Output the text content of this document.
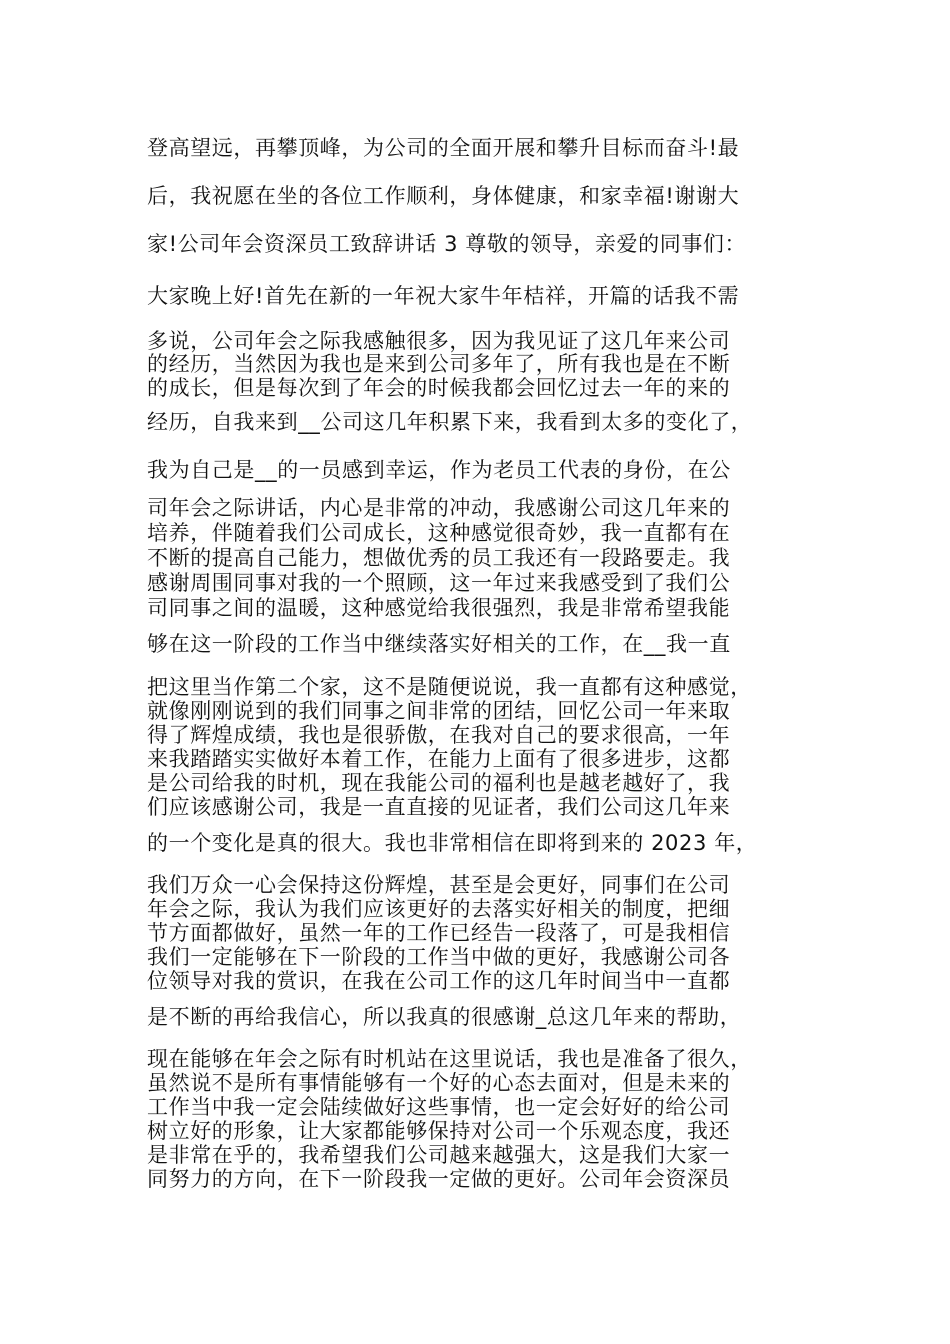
登高望远，再攀顶峰，为公司的全面开展和攀升目标而奋斗!最
后，我祝愿在坐的各位工作顺利，身体健康，和家幸福!谢谢大
家!公司年会资深员工致辞讲话 3 尊敬的领导，亲爱的同事们：
大家晚上好!首先在新的一年祝大家牛年桔祥，开篇的话我不需
多说，公司年会之际我感触很多，因为我见证了这几年来公司
的经历，当然因为我也是来到公司多年了，所有我也是在不断
的成长，但是每次到了年会的时候我都会回忆过去一年的来的
经历，自我来到__公司这几年积累下来，我看到太多的变化了，
我为自己是__的一员感到幸运，作为老员工代表的身份，在公
司年会之际讲话，内心是非常的冲动，我感谢公司这几年来的
培养，伴随着我们公司成长，这种感觉很奇妙，我一直都有在
不断的提高自己能力，想做优秀的员工我还有一段路要走。我
感谢周围同事对我的一个照顾，这一年过来我感受到了我们公
司同事之间的温暖，这种感觉给我很强烈，我是非常希望我能
够在这一阶段的工作当中继续落实好相关的工作，在__我一直
把这里当作第二个家，这不是随便说说，我一直都有这种感觉，
就像刚刚说到的我们同事之间非常的团结，回忆公司一年来取
得了辉煌成绩，我也是很骄傲，在我对自己的要求很高，一年
来我踏踏实实做好本着工作，在能力上面有了很多进步，这都
是公司给我的时机，现在我能公司的福利也是越老越好了，我
们应该感谢公司，我是一直直接的见证者，我们公司这几年来
的一个变化是真的很大。我也非常相信在即将到来的 2023 年，
我们万众一心会保持这份辉煌，甚至是会更好，同事们在公司
年会之际，我认为我们应该更好的去落实好相关的制度，把细
节方面都做好，虽然一年的工作已经告一段落了，可是我相信
我们一定能够在下一阶段的工作当中做的更好，我感谢公司各
位领导对我的赏识，在我在公司工作的这几年时间当中一直都
是不断的再给我信心，所以我真的很感谢_总这几年来的帮助，
现在能够在年会之际有时机站在这里说话，我也是准备了很久，
虽然说不是所有事情能够有一个好的心态去面对，但是未来的
工作当中我一定会陆续做好这些事情，也一定会好好的给公司
树立好的形象，让大家都能够保持对公司一个乐观态度，我还
是非常在乎的，我希望我们公司越来越强大，这是我们大家一
同努力的方向，在下一阶段我一定做的更好。公司年会资深员
